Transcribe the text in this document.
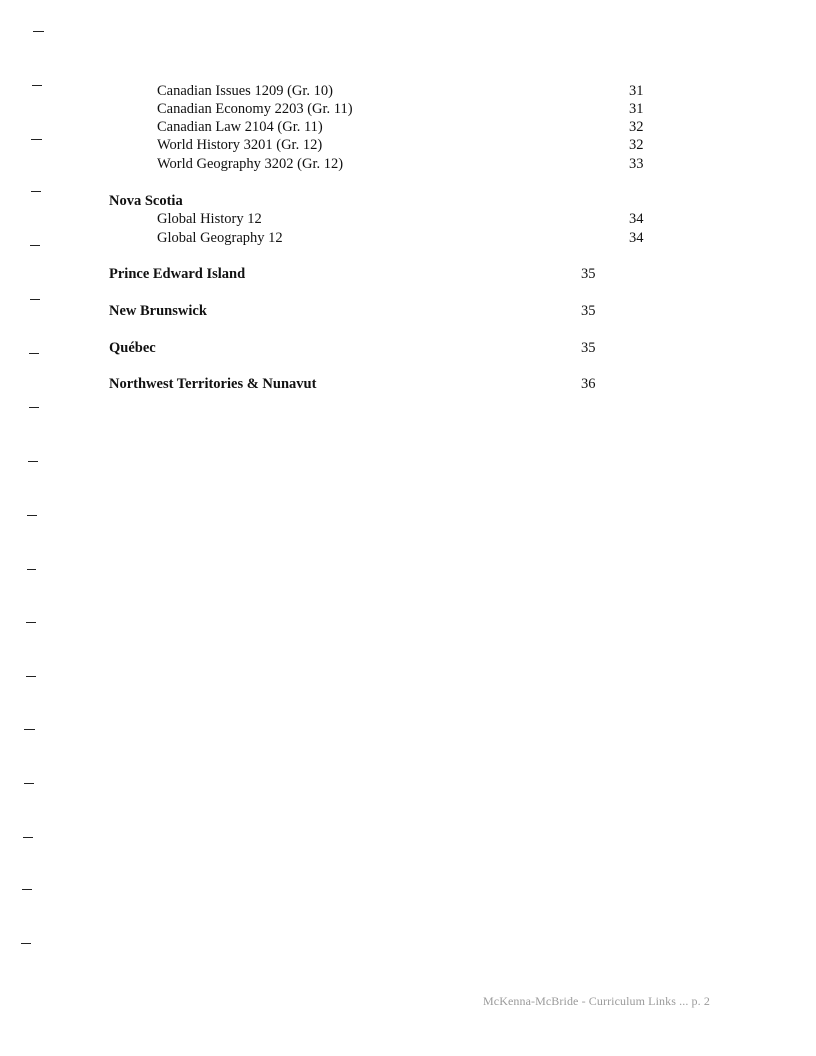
Canadian Issues 1209 (Gr. 10)	31
Canadian Economy 2203 (Gr. 11)	31
Canadian Law 2104 (Gr. 11)	32
World History 3201 (Gr. 12)	32
World Geography 3202 (Gr. 12)	33
Nova Scotia
Global History 12	34
Global Geography 12	34
Prince Edward Island	35
New Brunswick	35
Québec	35
Northwest Territories & Nunavut	36
McKenna-McBride - Curriculum Links ... p. 2
